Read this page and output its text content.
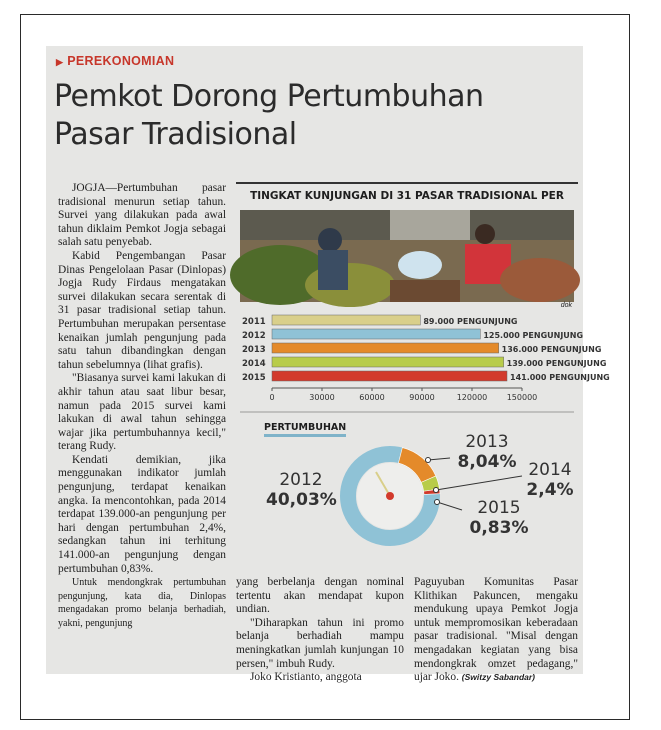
▶ PEREKONOMIAN
Pemkot Dorong Pertumbuhan
Pasar Tradisional

JOGJA—Pertumbuhan pasar tradisional menurun setiap tahun. Survei yang dilakukan pada awal tahun diklaim Pemkot Jogja sebagai salah satu penyebab.

Kabid Pengembangan Pasar Dinas Pengelolaan Pasar (Dinlopas) Jogja Rudy Firdaus mengatakan survei dilakukan secara serentak di 31 pasar tradisional setiap tahun. Pertumbuhan merupakan persentase kenaikan jumlah pengunjung pada satu tahun dibandingkan dengan tahun sebelumnya (lihat grafis).

"Biasanya survei kami lakukan di akhir tahun atau saat libur besar, namun pada 2015 survei kami lakukan di awal tahun sehingga wajar jika pertumbuhannya kecil," terang Rudy.

Kendati demikian, jika menggunakan indikator jumlah pengunjung, terdapat kenaikan angka. Ia mencontohkan, pada 2014 terdapat 139.000-an pengunjung per hari dengan pertumbuhan 2,4%, sedangkan tahun ini terhitung 141.000-an pengunjung dengan pertumbuhan 0,83%.

Untuk mendongkrak pertumbuhan pengunjung, kata dia, Dinlopas mengadakan promo belanja berhadiah, yakni, pengunjung

TINGKAT KUNJUNGAN DI 31 PASAR TRADISIONAL PER
dok
2011	89.000 PENGUNJUNG
2012	125.000 PENGUNJUNG
2013	136.000 PENGUNJUNG
2014	139.000 PENGUNJUNG
2015	141.000 PENGUNJUNG
0	30000	60000	90000	120000 150000
PERTUMBUHAN
2012
40,03%
2013
8,04% 2014
2,4%
2015
0,83%

yang berbelanja dengan nominal tertentu akan mendapat kupon undian.

"Diharapkan tahun ini promo belanja berhadiah mampu meningkatkan jumlah kunjungan 10 persen," imbuh Rudy.

Joko Kristianto, anggota

Paguyuban Komunitas Pasar Klithikan Pakuncen, mengaku mendukung upaya Pemkot Jogja untuk mempromosikan keberadaan pasar tradisional. "Misal dengan mengadakan kegiatan yang bisa mendongkrak omzet pedagang," ujar Joko. (Switzy Sabandar)
